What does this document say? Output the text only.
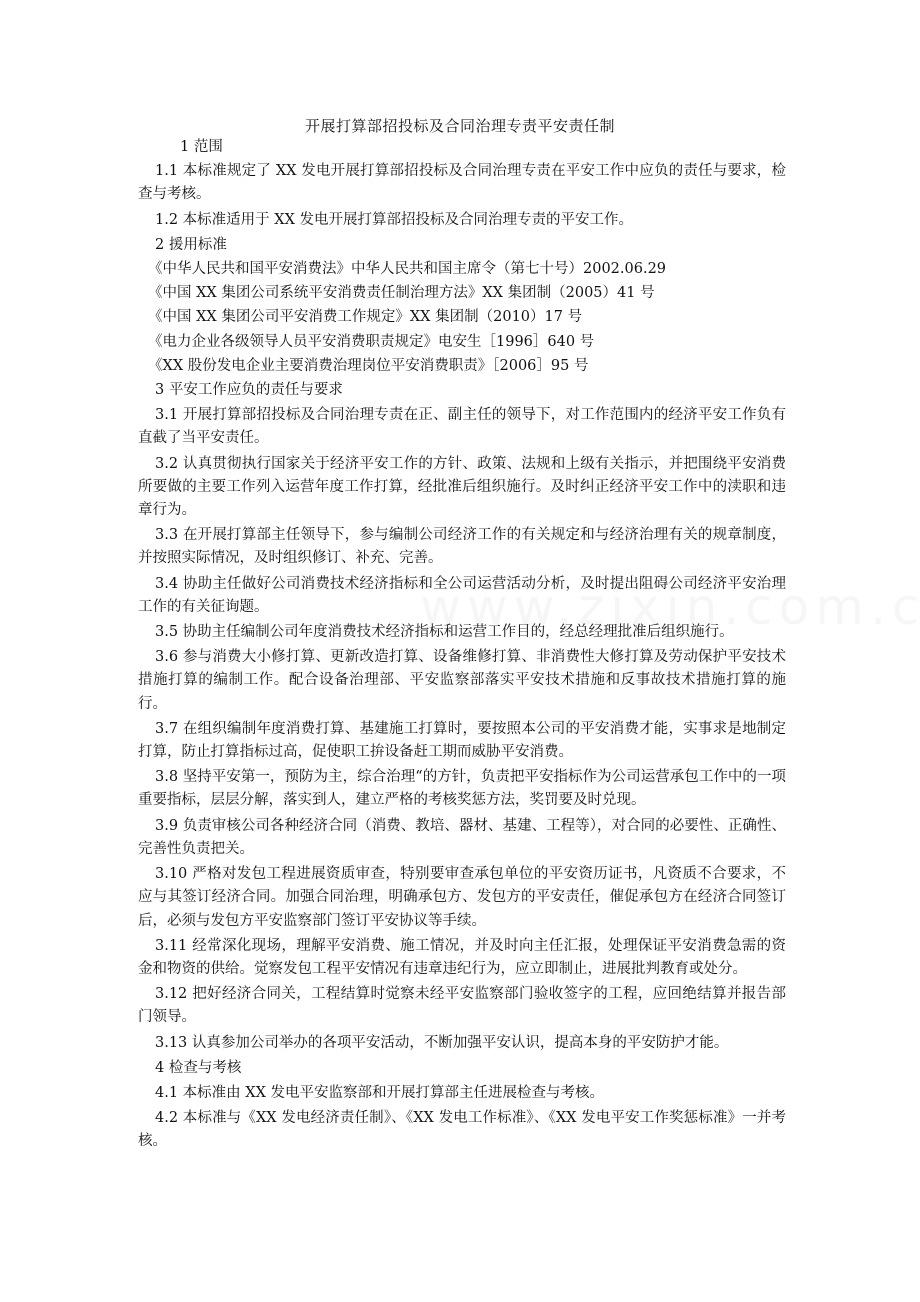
开展打算部招投标及合同治理专责平安责任制

1 范围

1.1 本标准规定了 XX 发电开展打算部招投标及合同治理专责在平安工作中应负的责任与要求，检查与考核。

1.2 本标准适用于 XX 发电开展打算部招投标及合同治理专责的平安工作。

2 援用标准

《中华人民共和国平安消费法》中华人民共和国主席令（第七十号）2002.06.29

《中国 XX 集团公司系统平安消费责任制治理方法》XX 集团制（2005）41 号

《中国 XX 集团公司平安消费工作规定》XX 集团制（2010）17 号

《电力企业各级领导人员平安消费职责规定》电安生［1996］640 号

《XX 股份发电企业主要消费治理岗位平安消费职责》［2006］95 号

3 平安工作应负的责任与要求

3.1 开展打算部招投标及合同治理专责在正、副主任的领导下，对工作范围内的经济平安工作负有直截了当平安责任。

3.2 认真贯彻执行国家关于经济平安工作的方针、政策、法规和上级有关指示，并把围绕平安消费所要做的主要工作列入运营年度工作打算，经批准后组织施行。及时纠正经济平安工作中的渎职和违章行为。

3.3 在开展打算部主任领导下，参与编制公司经济工作的有关规定和与经济治理有关的规章制度，并按照实际情况，及时组织修订、补充、完善。

3.4 协助主任做好公司消费技术经济指标和全公司运营活动分析，及时提出阻碍公司经济平安治理工作的有关征询题。

3.5 协助主任编制公司年度消费技术经济指标和运营工作目的，经总经理批准后组织施行。

3.6 参与消费大小修打算、更新改造打算、设备维修打算、非消费性大修打算及劳动保护平安技术措施打算的编制工作。配合设备治理部、平安监察部落实平安技术措施和反事故技术措施打算的施行。

3.7 在组织编制年度消费打算、基建施工打算时，要按照本公司的平安消费才能，实事求是地制定打算，防止打算指标过高，促使职工拚设备赶工期而威胁平安消费。

3.8 坚持平安第一，预防为主，综合治理“的方针，负责把平安指标作为公司运营承包工作中的一项重要指标，层层分解，落实到人，建立严格的考核奖惩方法，奖罚要及时兑现。

3.9 负责审核公司各种经济合同（消费、教培、器材、基建、工程等），对合同的必要性、正确性、完善性负责把关。

3.10 严格对发包工程进展资质审查，特别要审查承包单位的平安资历证书，凡资质不合要求，不应与其签订经济合同。加强合同治理，明确承包方、发包方的平安责任，催促承包方在经济合同签订后，必须与发包方平安监察部门签订平安协议等手续。

3.11 经常深化现场，理解平安消费、施工情况，并及时向主任汇报，处理保证平安消费急需的资金和物资的供给。觉察发包工程平安情况有违章违纪行为，应立即制止，进展批判教育或处分。

3.12 把好经济合同关，工程结算时觉察未经平安监察部门验收签字的工程，应回绝结算并报告部门领导。

3.13 认真参加公司举办的各项平安活动，不断加强平安认识，提高本身的平安防护才能。

4 检查与考核

4.1 本标准由 XX 发电平安监察部和开展打算部主任进展检查与考核。

4.2 本标准与《XX 发电经济责任制》、《XX 发电工作标准》、《XX 发电平安工作奖惩标准》一并考核。
